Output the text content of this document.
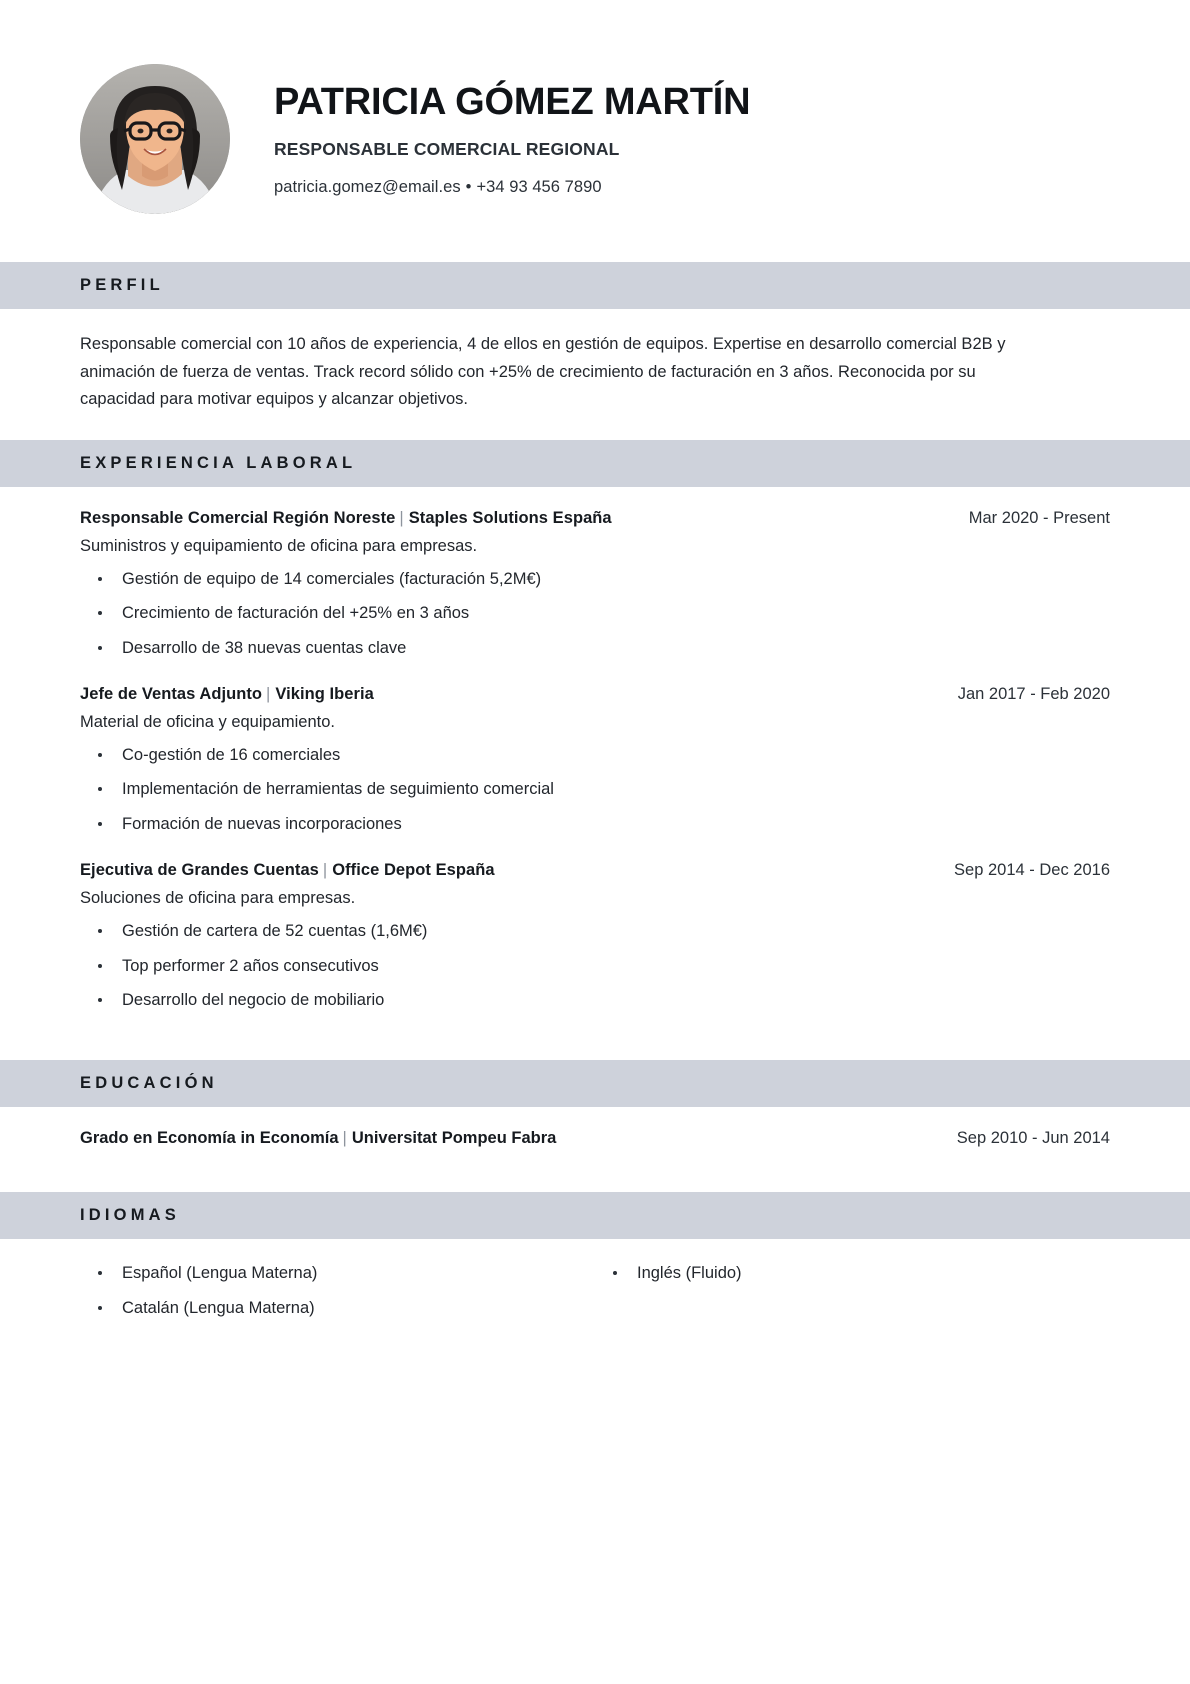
PATRICIA GÓMEZ MARTÍN
RESPONSABLE COMERCIAL REGIONAL
patricia.gomez@email.es • +34 93 456 7890
PERFIL

Responsable comercial con 10 años de experiencia, 4 de ellos en gestión de equipos. Expertise en desarrollo comercial B2B y animación de fuerza de ventas. Track record sólido con +25% de crecimiento de facturación en 3 años. Reconocida por su capacidad para motivar equipos y alcanzar objetivos.

EXPERIENCIA LABORAL
Responsable Comercial Región Noreste | Staples Solutions España	Mar 2020 - Present
Suministros y equipamiento de oficina para empresas.
Gestión de equipo de 14 comerciales (facturación 5,2M€)
Crecimiento de facturación del +25% en 3 años
Desarrollo de 38 nuevas cuentas clave
Jefe de Ventas Adjunto | Viking Iberia	Jan 2017 - Feb 2020
Material de oficina y equipamiento.
Co-gestión de 16 comerciales
Implementación de herramientas de seguimiento comercial
Formación de nuevas incorporaciones
Ejecutiva de Grandes Cuentas | Office Depot España	Sep 2014 - Dec 2016
Soluciones de oficina para empresas.
Gestión de cartera de 52 cuentas (1,6M€)
Top performer 2 años consecutivos
Desarrollo del negocio de mobiliario
EDUCACIÓN
Grado en Economía in Economía | Universitat Pompeu Fabra	Sep 2010 - Jun 2014
IDIOMAS
Español (Lengua Materna)
Catalán (Lengua Materna)
Inglés (Fluido)
